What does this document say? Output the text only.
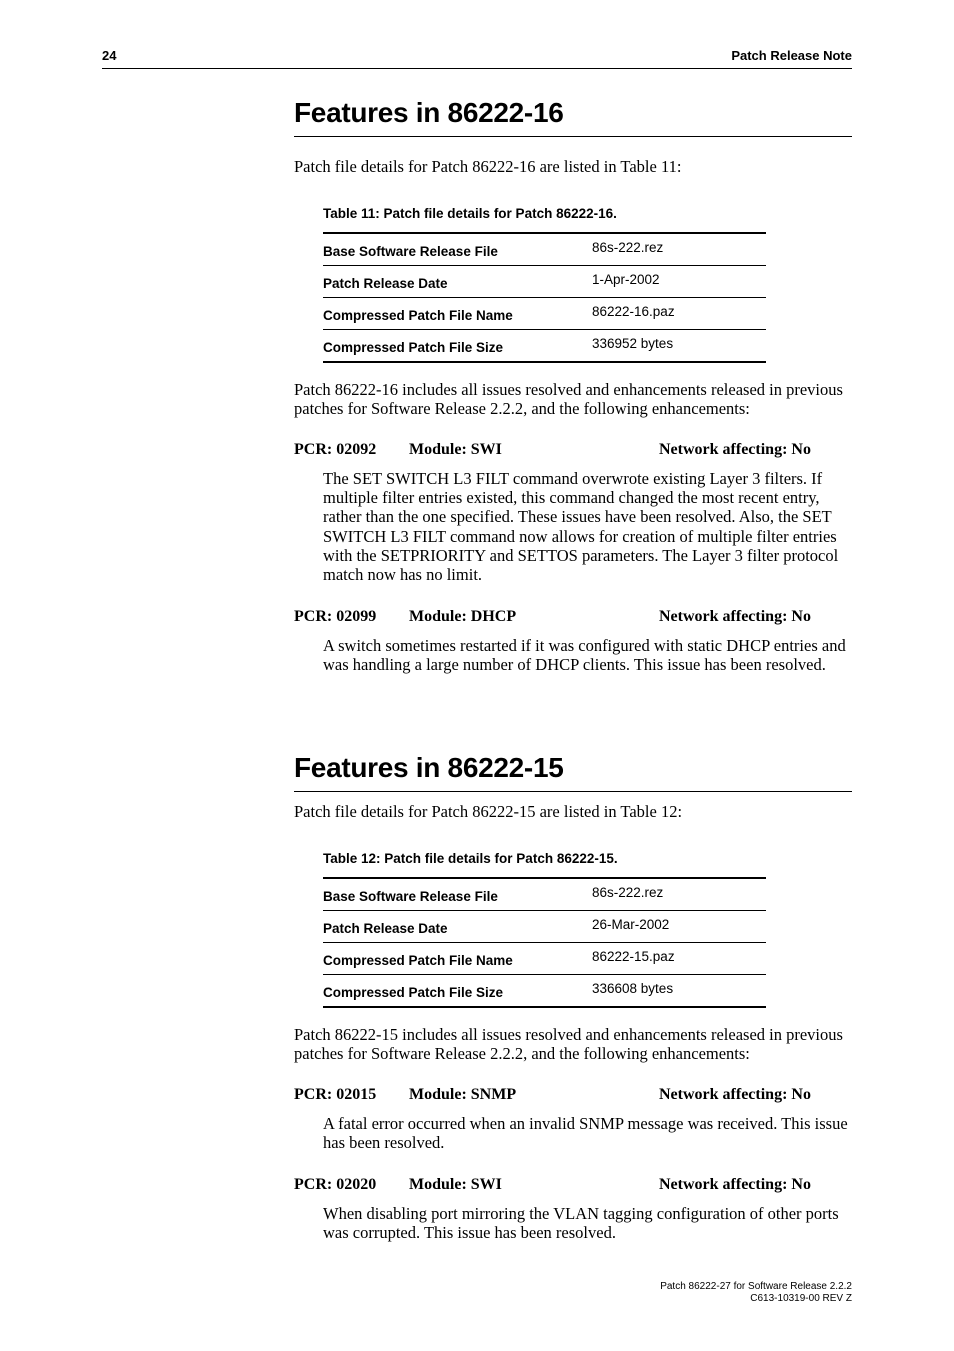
24	Patch Release Note
Features in 86222-16
Patch file details for Patch 86222-16 are listed in Table 11:
Table 11: Patch file details for Patch 86222-16.
Base Software Release File	86s-222.rez
Patch Release Date	1-Apr-2002
Compressed Patch File Name	86222-16.paz
Compressed Patch File Size	336952 bytes
Patch 86222-16 includes all issues resolved and enhancements released in previous patches for Software Release 2.2.2, and the following enhancements:
PCR: 02092 Module: SWI	Network affecting: No
The SET SWITCH L3 FILT command overwrote existing Layer 3 filters. If multiple filter entries existed, this command changed the most recent entry, rather than the one specified. These issues have been resolved. Also, the SET SWITCH L3 FILT command now allows for creation of multiple filter entries with the SETPRIORITY and SETTOS parameters. The Layer 3 filter protocol match now has no limit.
PCR: 02099 Module: DHCP	Network affecting: No
A switch sometimes restarted if it was configured with static DHCP entries and was handling a large number of DHCP clients. This issue has been resolved.
Features in 86222-15
Patch file details for Patch 86222-15 are listed in Table 12:
Table 12: Patch file details for Patch 86222-15.
Base Software Release File	86s-222.rez
Patch Release Date	26-Mar-2002
Compressed Patch File Name	86222-15.paz
Compressed Patch File Size	336608 bytes
Patch 86222-15 includes all issues resolved and enhancements released in previous patches for Software Release 2.2.2, and the following enhancements:
PCR: 02015 Module: SNMP	Network affecting: No
A fatal error occurred when an invalid SNMP message was received. This issue has been resolved.
PCR: 02020 Module: SWI	Network affecting: No
When disabling port mirroring the VLAN tagging configuration of other ports was corrupted. This issue has been resolved.
Patch 86222-27 for Software Release 2.2.2
C613-10319-00 REV Z
